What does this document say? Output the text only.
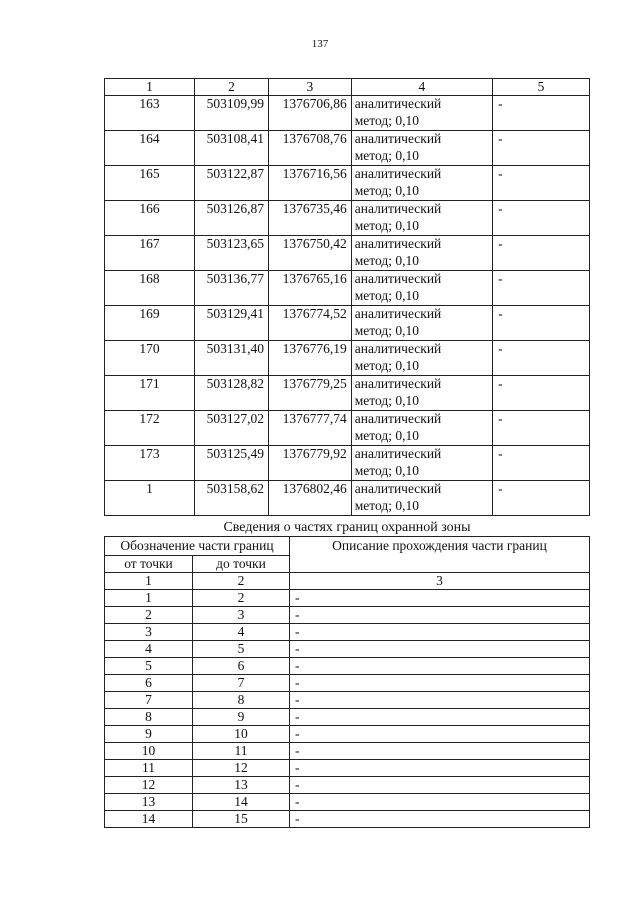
137
1	2	3	4	5
163	503109,99	1376706,86	аналитический
метод; 0,10	-
164	503108,41	1376708,76	аналитический
метод; 0,10	-
165	503122,87	1376716,56	аналитический
метод; 0,10	-
166	503126,87	1376735,46	аналитический
метод; 0,10	-
167	503123,65	1376750,42	аналитический
метод; 0,10	-
168	503136,77	1376765,16	аналитический
метод; 0,10	-
169	503129,41	1376774,52	аналитический
метод; 0,10	-
170	503131,40	1376776,19	аналитический
метод; 0,10	-
171	503128,82	1376779,25	аналитический
метод; 0,10	-
172	503127,02	1376777,74	аналитический
метод; 0,10	-
173	503125,49	1376779,92	аналитический
метод; 0,10	-
1	503158,62	1376802,46	аналитический
метод; 0,10	-
Сведения о частях границ охранной зоны
Обозначение части границ		Описание прохождения части границ
от точки	до точки	
1	2	3
1	2	-
2	3	-
3	4	-
4	5	-
5	6	-
6	7	-
7	8	-
8	9	-
9	10	-
10	11	-
11	12	-
12	13	-
13	14	-
14	15	-
